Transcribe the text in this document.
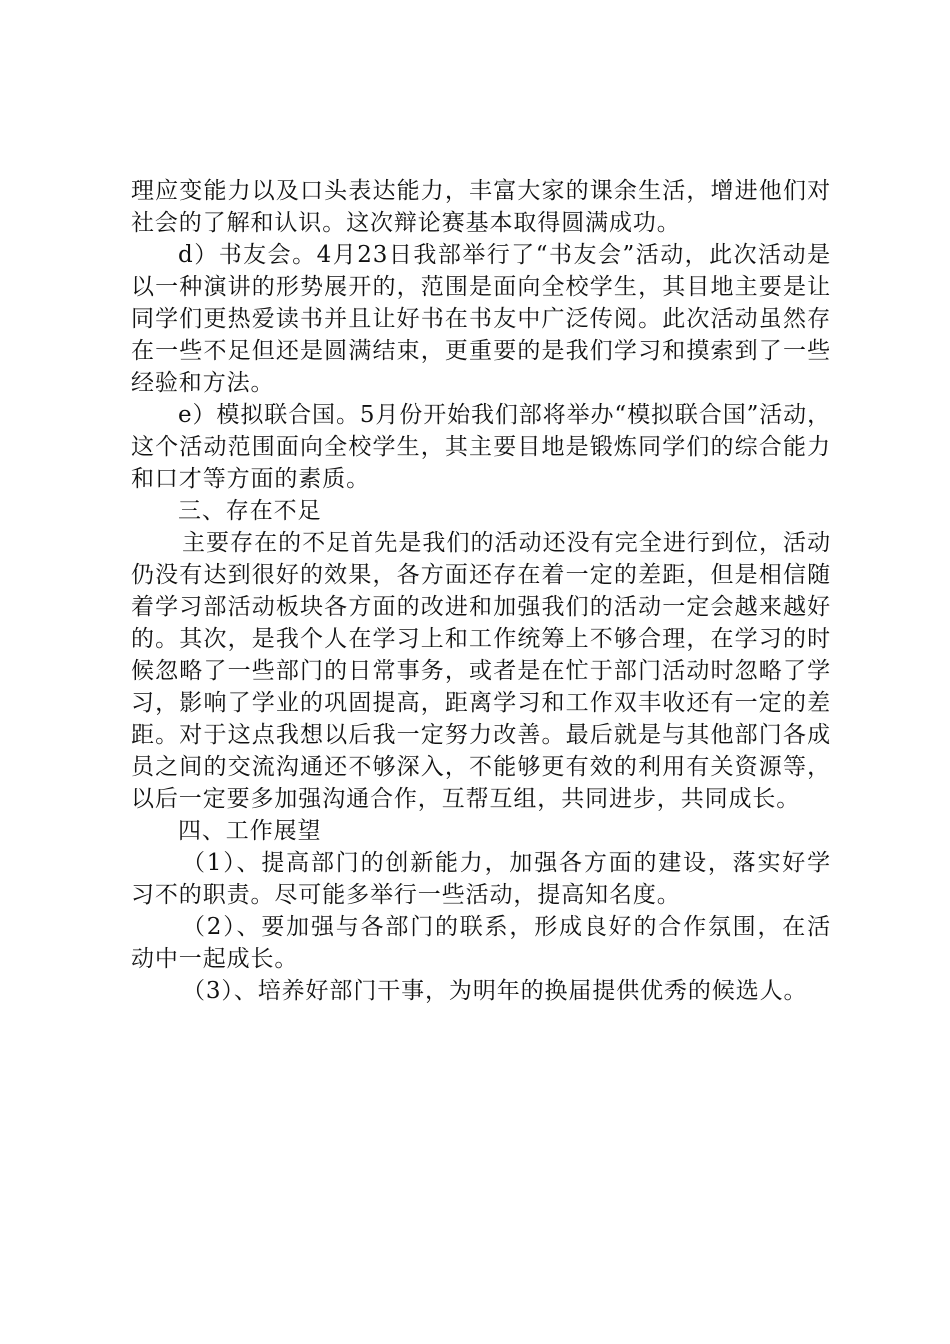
理应变能力以及口头表达能力，丰富大家的课余生活，增进他们对社会的了解和认识。这次辩论赛基本取得圆满成功。

d）书友会。4月23日我部举行了“书友会”活动，此次活动是以一种演讲的形势展开的，范围是面向全校学生，其目地主要是让同学们更热爱读书并且让好书在书友中广泛传阅。此次活动虽然存在一些不足但还是圆满结束，更重要的是我们学习和摸索到了一些经验和方法。

e）模拟联合国。5月份开始我们部将举办“模拟联合国”活动，这个活动范围面向全校学生，其主要目地是锻炼同学们的综合能力和口才等方面的素质。

三、存在不足

主要存在的不足首先是我们的活动还没有完全进行到位，活动仍没有达到很好的效果，各方面还存在着一定的差距，但是相信随着学习部活动板块各方面的改进和加强我们的活动一定会越来越好的。其次，是我个人在学习上和工作统筹上不够合理，在学习的时候忽略了一些部门的日常事务，或者是在忙于部门活动时忽略了学习，影响了学业的巩固提高，距离学习和工作双丰收还有一定的差距。对于这点我想以后我一定努力改善。最后就是与其他部门各成员之间的交流沟通还不够深入，不能够更有效的利用有关资源等，以后一定要多加强沟通合作，互帮互组，共同进步，共同成长。

四、工作展望

（1）、提高部门的创新能力，加强各方面的建设，落实好学习不的职责。尽可能多举行一些活动，提高知名度。

（2）、要加强与各部门的联系，形成良好的合作氛围，在活动中一起成长。

（3）、培养好部门干事，为明年的换届提供优秀的候选人。
